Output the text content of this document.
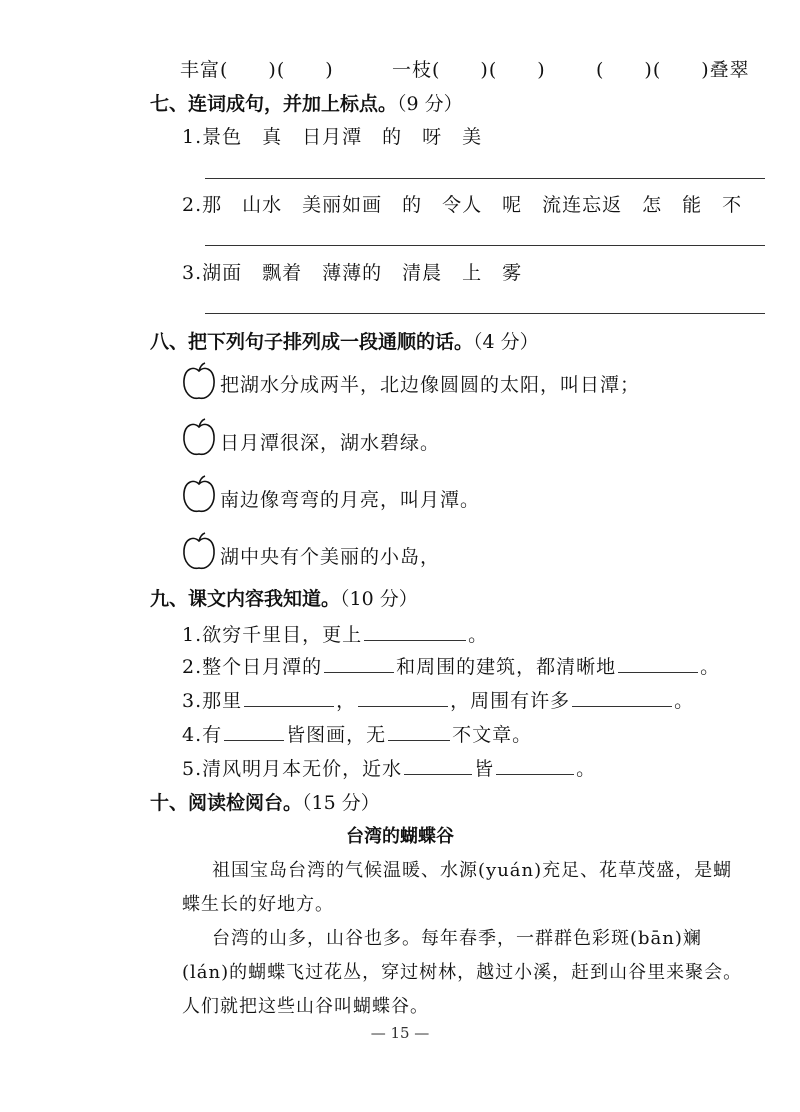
丰富(　　)(　　)	一枝(　　)(　　)	(　　)(　　)叠翠
七、连词成句，并加上标点。（9 分）
1.景色　真　日月潭　的　呀　美
2.那　山水　美丽如画　的　令人　呢　流连忘返　怎　能　不
3.湖面　飘着　薄薄的　清晨　上　雾
八、把下列句子排列成一段通顺的话。（4 分）
把湖水分成两半，北边像圆圆的太阳，叫日潭；
日月潭很深，湖水碧绿。
南边像弯弯的月亮，叫月潭。
湖中央有个美丽的小岛，
九、课文内容我知道。（10 分）
1.欲穷千里目，更上	。
2.整个日月潭的	和周围的建筑，都清晰地	。
3.那里	，	，周围有许多	。
4.有	皆图画，无	不文章。
5.清风明月本无价，近水	皆	。
十、阅读检阅台。（15 分）
台湾的蝴蝶谷
祖国宝岛台湾的气候温暖、水源(yuán)充足、花草茂盛，是蝴
蝶生长的好地方。
台湾的山多，山谷也多。每年春季，一群群色彩斑(bān)斓
(lán)的蝴蝶飞过花丛，穿过树林，越过小溪，赶到山谷里来聚会。
人们就把这些山谷叫蝴蝶谷。
— 15 —
